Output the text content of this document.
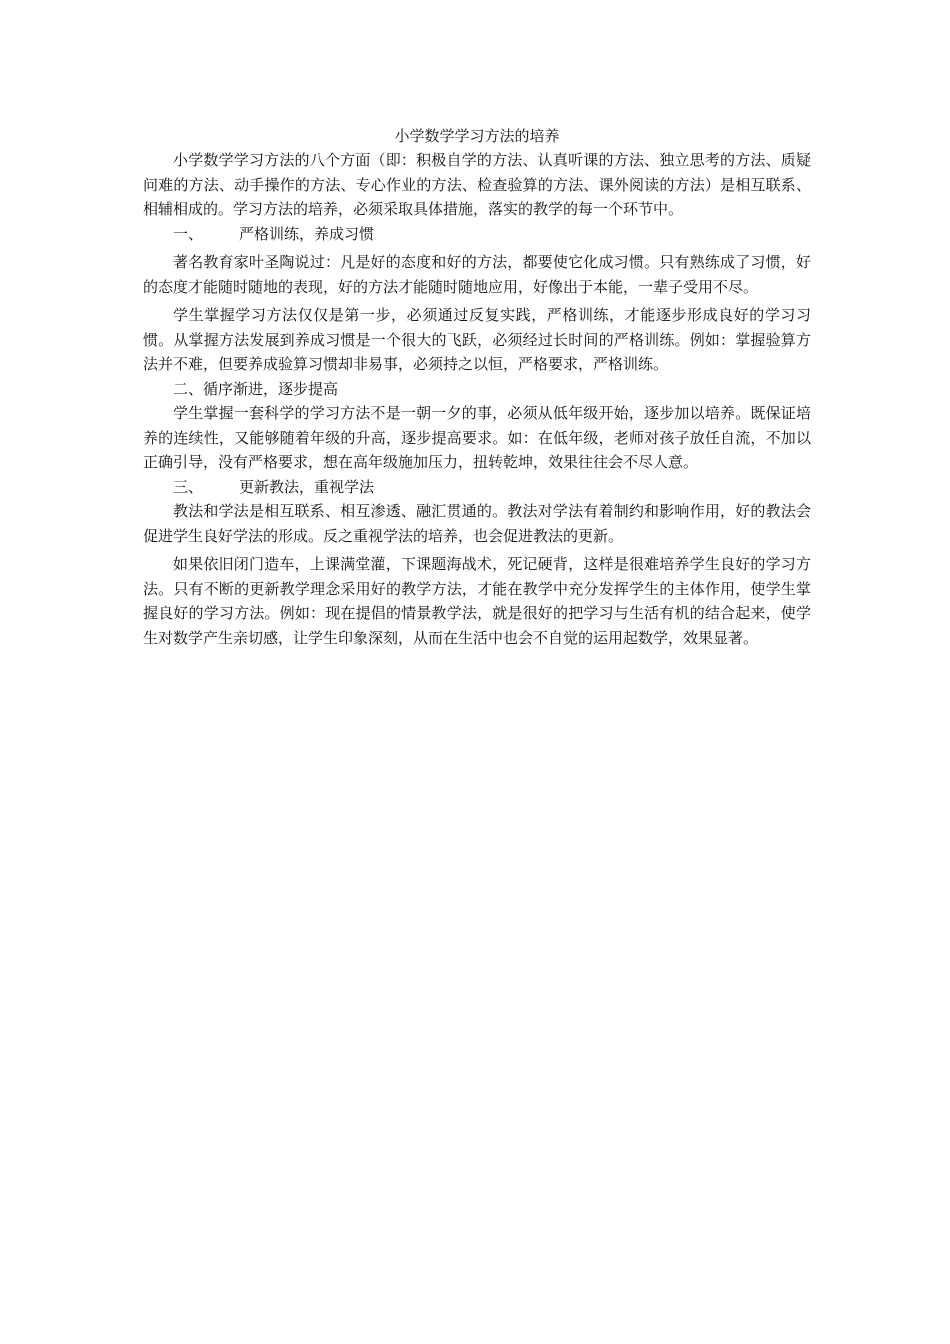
小学数学学习方法的培养

小学数学学习方法的八个方面（即：积极自学的方法、认真听课的方法、独立思考的方法、质疑问难的方法、动手操作的方法、专心作业的方法、检查验算的方法、课外阅读的方法）是相互联系、相辅相成的。学习方法的培养，必须采取具体措施，落实的教学的每一个环节中。

一、 严格训练，养成习惯

著名教育家叶圣陶说过：凡是好的态度和好的方法，都要使它化成习惯。只有熟练成了习惯，好的态度才能随时随地的表现，好的方法才能随时随地应用，好像出于本能，一辈子受用不尽。

学生掌握学习方法仅仅是第一步，必须通过反复实践，严格训练，才能逐步形成良好的学习习惯。从掌握方法发展到养成习惯是一个很大的飞跃，必须经过长时间的严格训练。例如：掌握验算方法并不难，但要养成验算习惯却非易事，必须持之以恒，严格要求，严格训练。

二、循序渐进，逐步提高

学生掌握一套科学的学习方法不是一朝一夕的事，必须从低年级开始，逐步加以培养。既保证培养的连续性，又能够随着年级的升高，逐步提高要求。如：在低年级，老师对孩子放任自流，不加以正确引导，没有严格要求，想在高年级施加压力，扭转乾坤，效果往往会不尽人意。

三、 更新教法，重视学法

教法和学法是相互联系、相互渗透、融汇贯通的。教法对学法有着制约和影响作用，好的教法会促进学生良好学法的形成。反之重视学法的培养，也会促进教法的更新。

如果依旧闭门造车，上课满堂灌，下课题海战术，死记硬背，这样是很难培养学生良好的学习方法。只有不断的更新教学理念采用好的教学方法，才能在教学中充分发挥学生的主体作用，使学生掌握良好的学习方法。例如：现在提倡的情景教学法，就是很好的把学习与生活有机的结合起来，使学生对数学产生亲切感，让学生印象深刻，从而在生活中也会不自觉的运用起数学，效果显著。
